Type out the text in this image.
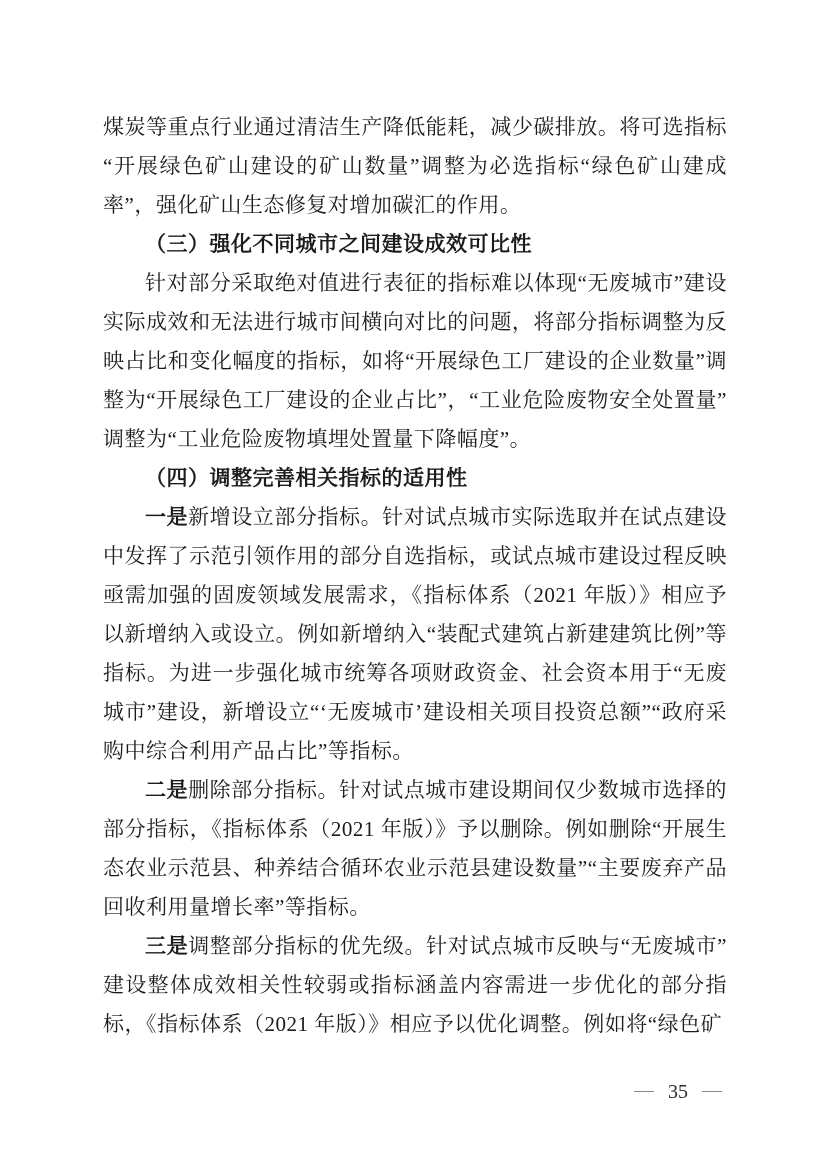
煤炭等重点行业通过清洁生产降低能耗，减少碳排放。将可选指标“开展绿色矿山建设的矿山数量”调整为必选指标“绿色矿山建成率”，强化矿山生态修复对增加碳汇的作用。

（三）强化不同城市之间建设成效可比性

针对部分采取绝对值进行表征的指标难以体现“无废城市”建设实际成效和无法进行城市间横向对比的问题，将部分指标调整为反映占比和变化幅度的指标，如将“开展绿色工厂建设的企业数量”调整为“开展绿色工厂建设的企业占比”，“工业危险废物安全处置量”调整为“工业危险废物填埋处置量下降幅度”。

（四）调整完善相关指标的适用性

一是新增设立部分指标。针对试点城市实际选取并在试点建设中发挥了示范引领作用的部分自选指标，或试点城市建设过程反映亟需加强的固废领域发展需求，《指标体系（2021 年版）》相应予以新增纳入或设立。例如新增纳入“装配式建筑占新建建筑比例”等指标。为进一步强化城市统筹各项财政资金、社会资本用于“无废城市”建设，新增设立“‘无废城市’建设相关项目投资总额”“政府采购中综合利用产品占比”等指标。

二是删除部分指标。针对试点城市建设期间仅少数城市选择的部分指标，《指标体系（2021 年版）》予以删除。例如删除“开展生态农业示范县、种养结合循环农业示范县建设数量”“主要废弃产品回收利用量增长率”等指标。

三是调整部分指标的优先级。针对试点城市反映与“无废城市”建设整体成效相关性较弱或指标涵盖内容需进一步优化的部分指标，《指标体系（2021 年版）》相应予以优化调整。例如将“绿色矿

— 35 —
